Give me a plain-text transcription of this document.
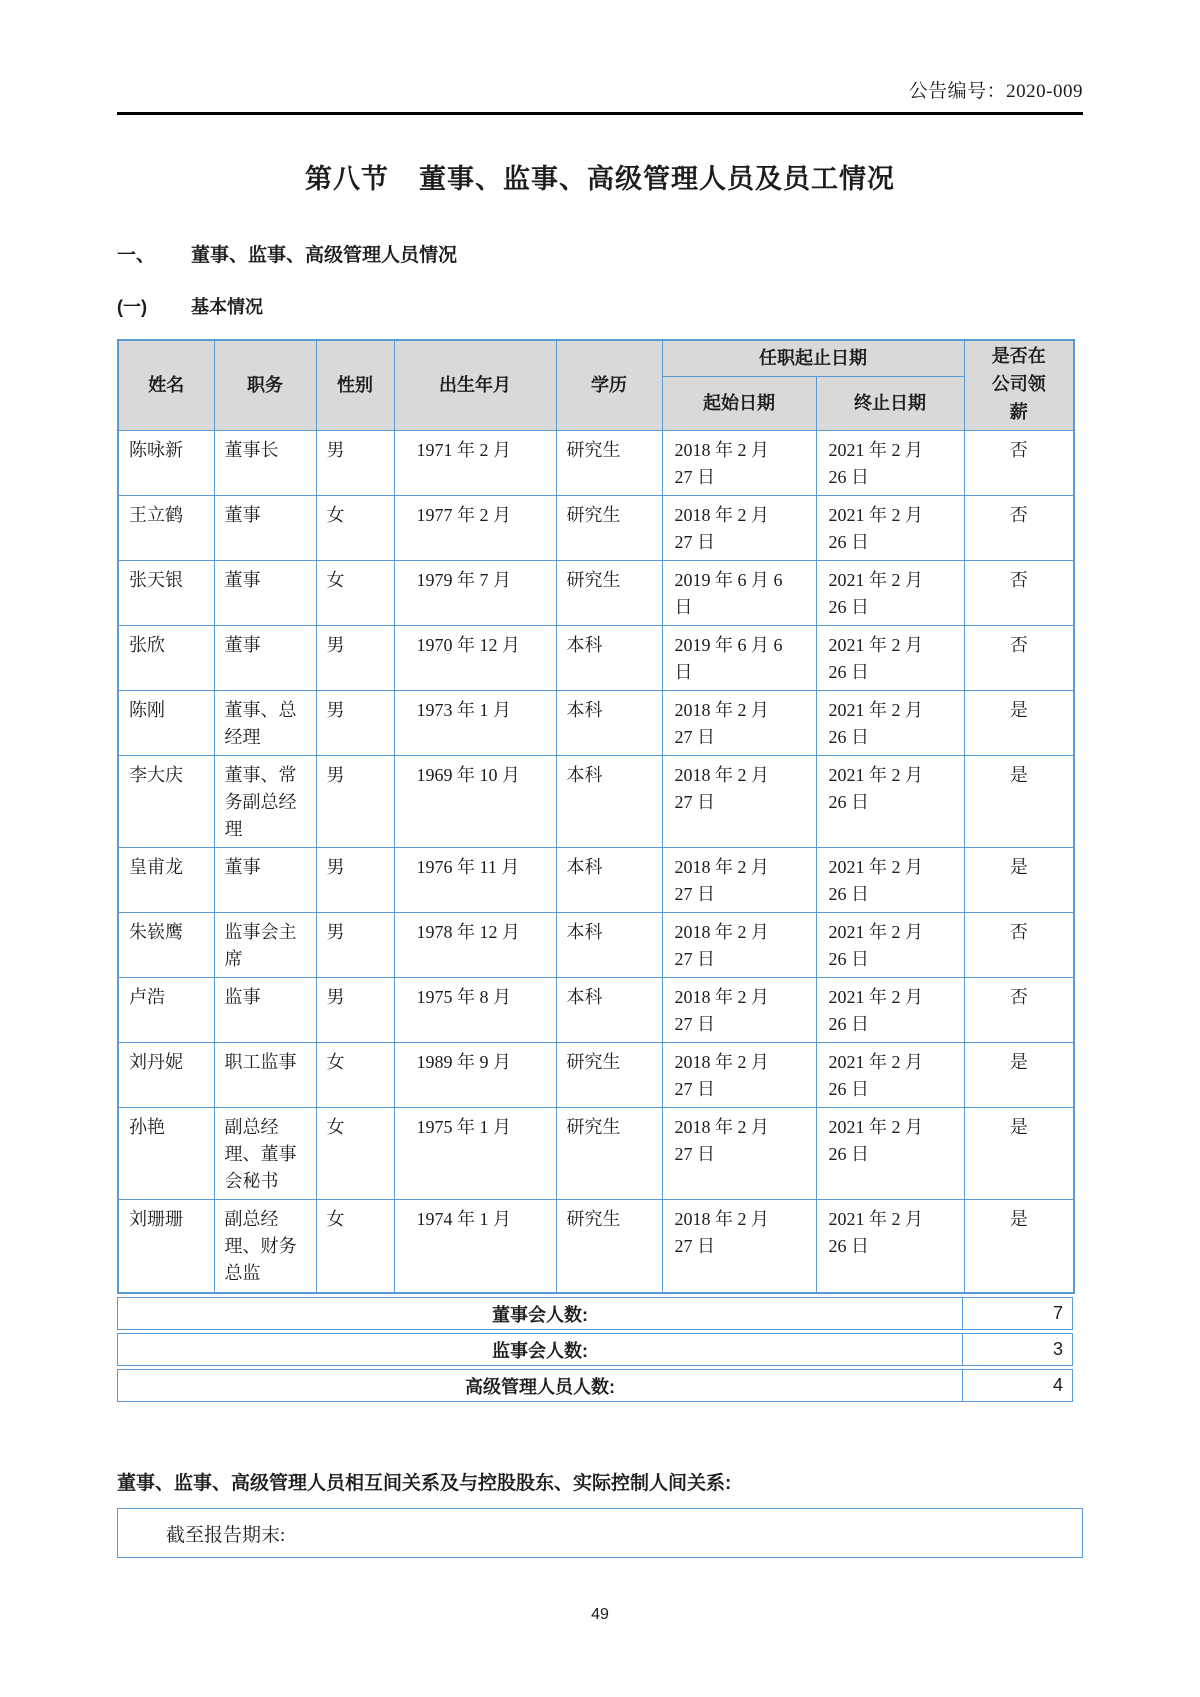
公告编号：2020-009
第八节 董事、监事、高级管理人员及员工情况
一、	董事、监事、高级管理人员情况
(一)	基本情况
姓名	职务	性别	出生年月	学历	任职起止日期		是否在公司领薪
					起始日期	终止日期	
陈咏新	董事长	男	1971 年 2 月	研究生	2018 年 2 月 27 日	2021 年 2 月 26 日	否
王立鹤	董事	女	1977 年 2 月	研究生	2018 年 2 月 27 日	2021 年 2 月 26 日	否
张天银	董事	女	1979 年 7 月	研究生	2019 年 6 月 6 日	2021 年 2 月 26 日	否
张欣	董事	男	1970 年 12 月	本科	2019 年 6 月 6 日	2021 年 2 月 26 日	否
陈刚	董事、总经理	男	1973 年 1 月	本科	2018 年 2 月 27 日	2021 年 2 月 26 日	是
李大庆	董事、常务副总经理	男	1969 年 10 月	本科	2018 年 2 月 27 日	2021 年 2 月 26 日	是
皇甫龙	董事	男	1976 年 11 月	本科	2018 年 2 月 27 日	2021 年 2 月 26 日	是
朱嵚鹰	监事会主席	男	1978 年 12 月	本科	2018 年 2 月 27 日	2021 年 2 月 26 日	否
卢浩	监事	男	1975 年 8 月	本科	2018 年 2 月 27 日	2021 年 2 月 26 日	否
刘丹妮	职工监事	女	1989 年 9 月	研究生	2018 年 2 月 27 日	2021 年 2 月 26 日	是
孙艳	副总经理、董事会秘书	女	1975 年 1 月	研究生	2018 年 2 月 27 日	2021 年 2 月 26 日	是
刘珊珊	副总经理、财务总监	女	1974 年 1 月	研究生	2018 年 2 月 27 日	2021 年 2 月 26 日	是
董事会人数:	7
监事会人数:	3
高级管理人员人数:	4
董事、监事、高级管理人员相互间关系及与控股股东、实际控制人间关系:
截至报告期末:
49
